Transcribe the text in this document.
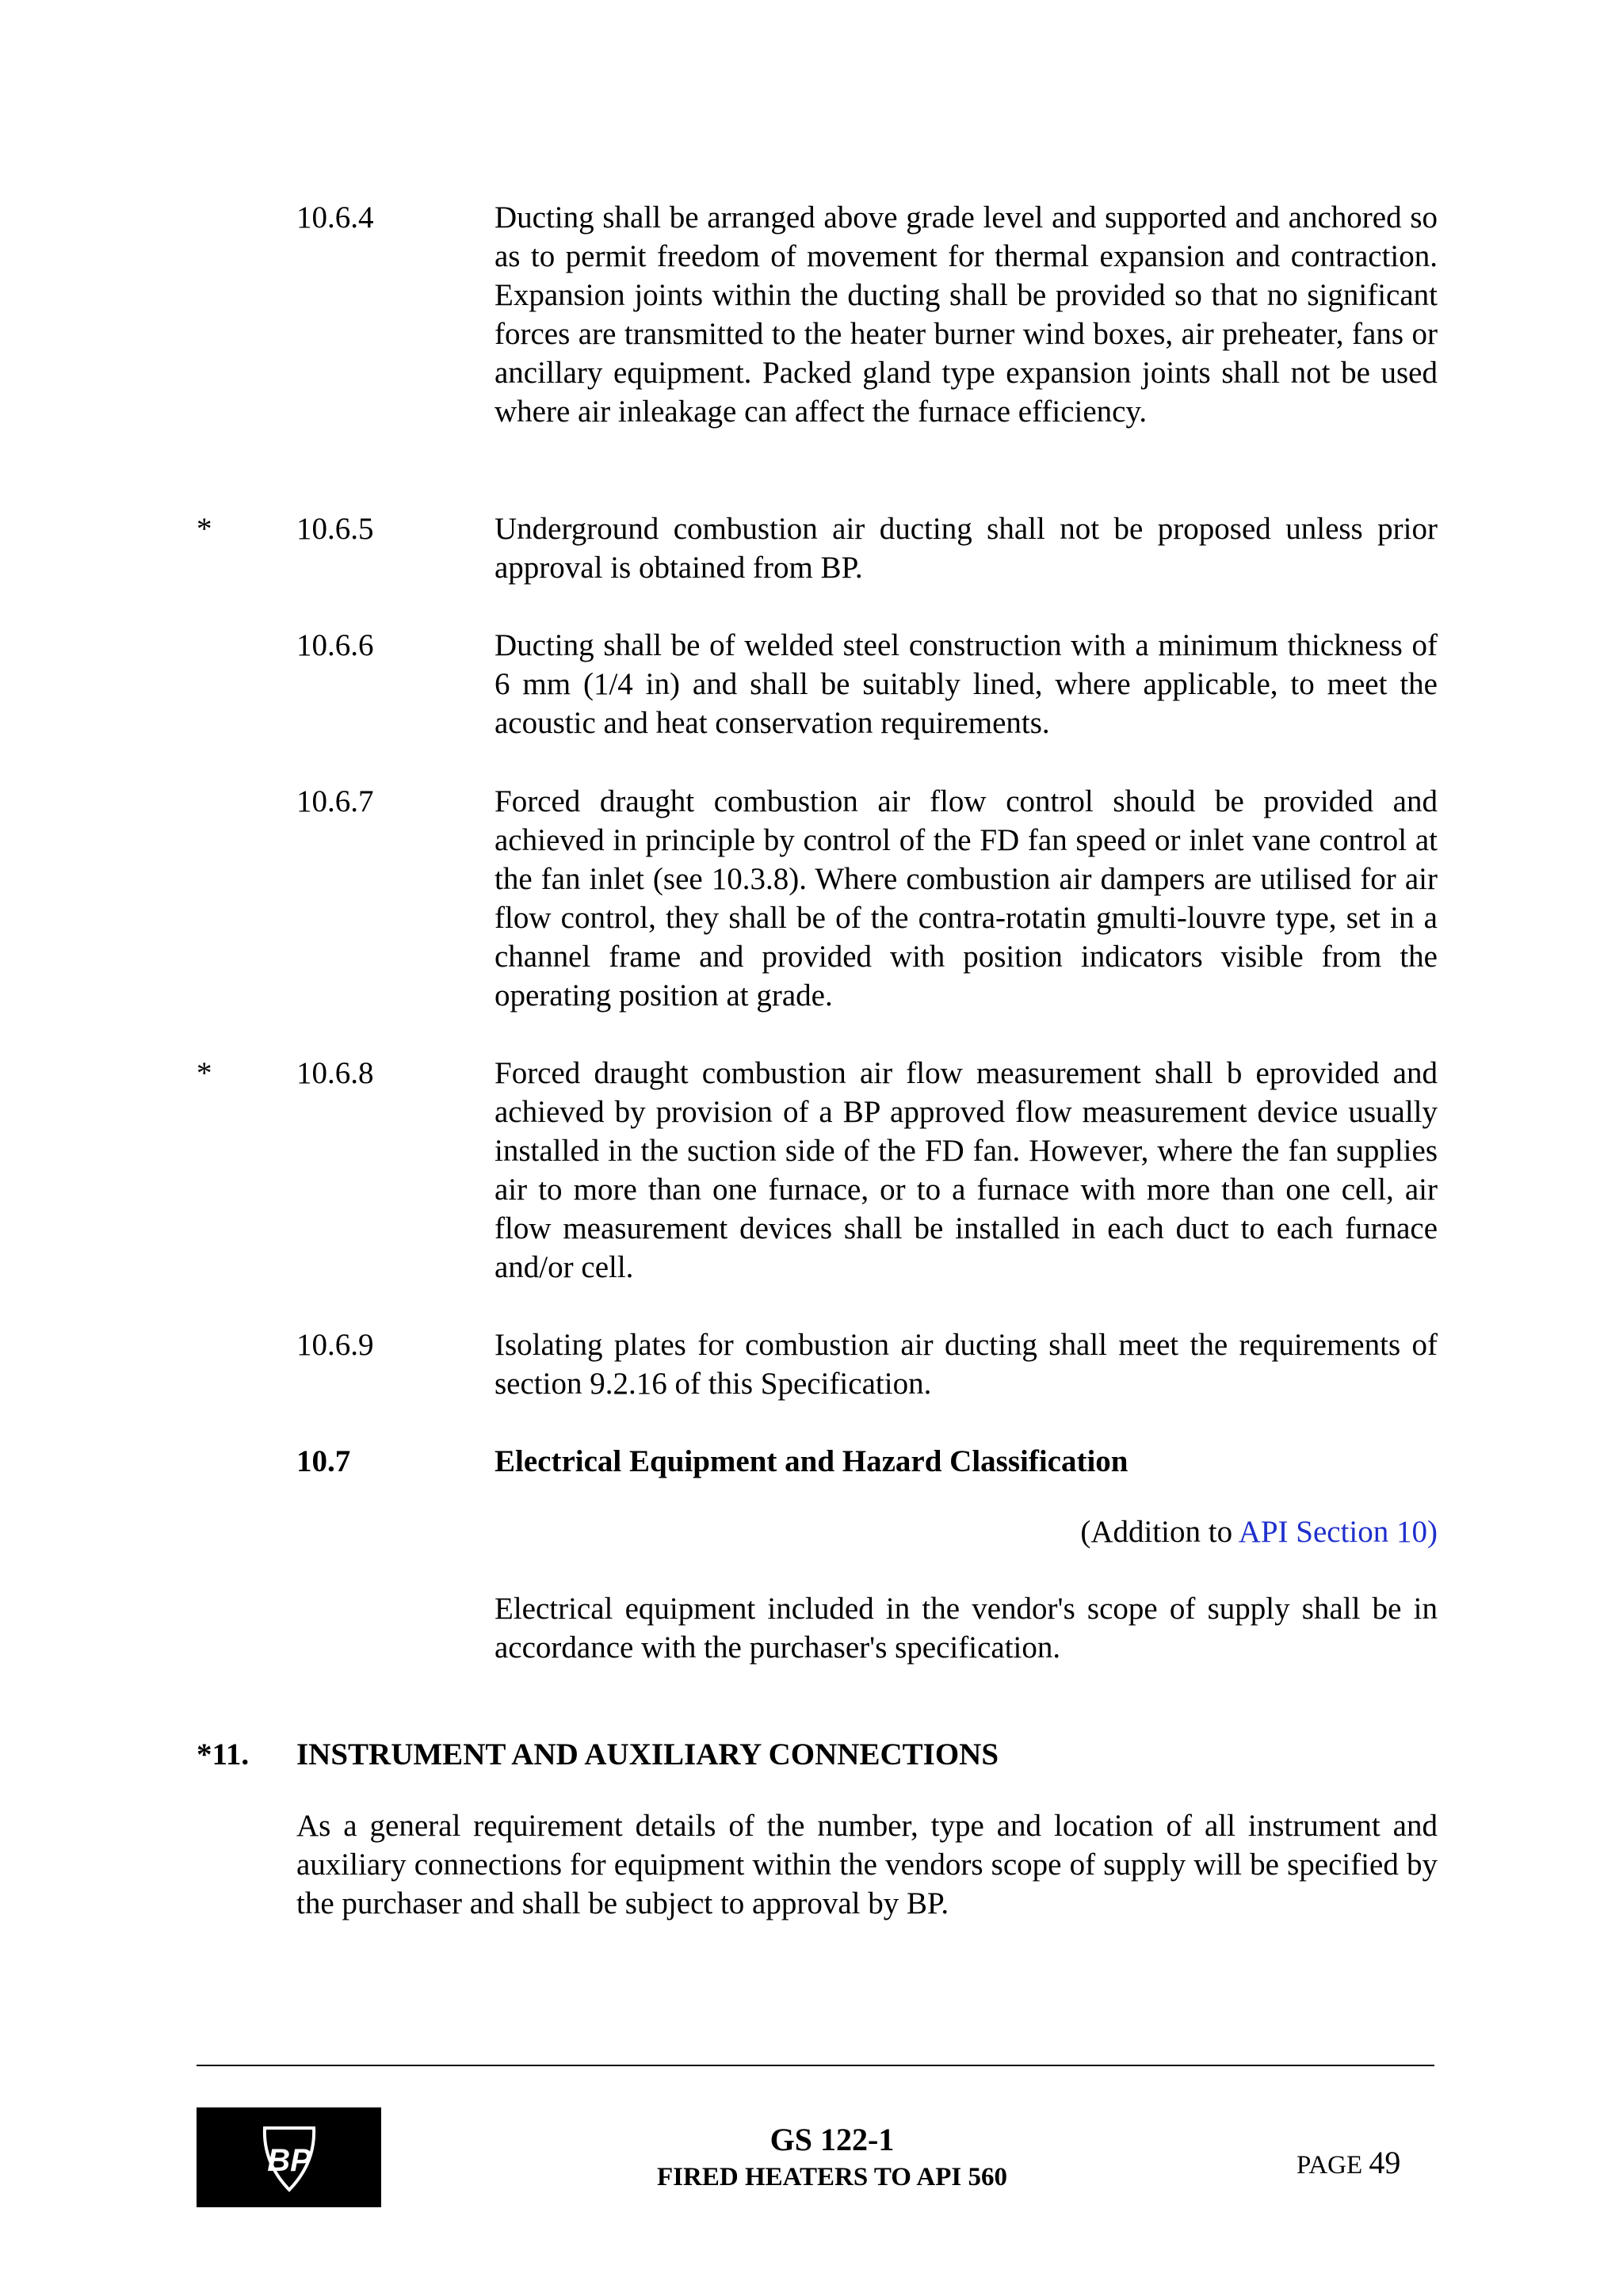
10.6.4	Ducting shall be arranged above grade level and supported and anchored so as to permit freedom of movement for thermal expansion and contraction. Expansion joints within the ducting shall be provided so that no significant forces are transmitted to the heater burner wind boxes, air preheater, fans or ancillary equipment. Packed gland type expansion joints shall not be used where air inleakage can affect the furnace efficiency.
*	10.6.5	Underground combustion air ducting shall not be proposed unless prior approval is obtained from BP.
10.6.6	Ducting shall be of welded steel construction with a minimum thickness of 6 mm (1/4 in) and shall be suitably lined, where applicable, to meet the acoustic and heat conservation requirements.
10.6.7	Forced draught combustion air flow control should be provided and achieved in principle by control of the FD fan speed or inlet vane control at the fan inlet (see 10.3.8). Where combustion air dampers are utilised for air flow control, they shall be of the contra-rotatin gmulti-louvre type, set in a channel frame and provided with position indicators visible from the operating position at grade.
*	10.6.8	Forced draught combustion air flow measurement shall b eprovided and achieved by provision of a BP approved flow measurement device usually installed in the suction side of the FD fan. However, where the fan supplies air to more than one furnace, or to a furnace with more than one cell, air flow measurement devices shall be installed in each duct to each furnace and/or cell.
10.6.9	Isolating plates for combustion air ducting shall meet the requirements of section 9.2.16 of this Specification.
10.7	Electrical Equipment and Hazard Classification
(Addition to API Section 10)
Electrical equipment included in the vendor's scope of supply shall be in accordance with the purchaser's specification.
*11. INSTRUMENT AND AUXILIARY CONNECTIONS
As a general requirement details of the number, type and location of all instrument and auxiliary connections for equipment within the vendors scope of supply will be specified by the purchaser and shall be subject to approval by BP.
BP
GS 122-1
FIRED HEATERS TO API 560	PAGE 49
